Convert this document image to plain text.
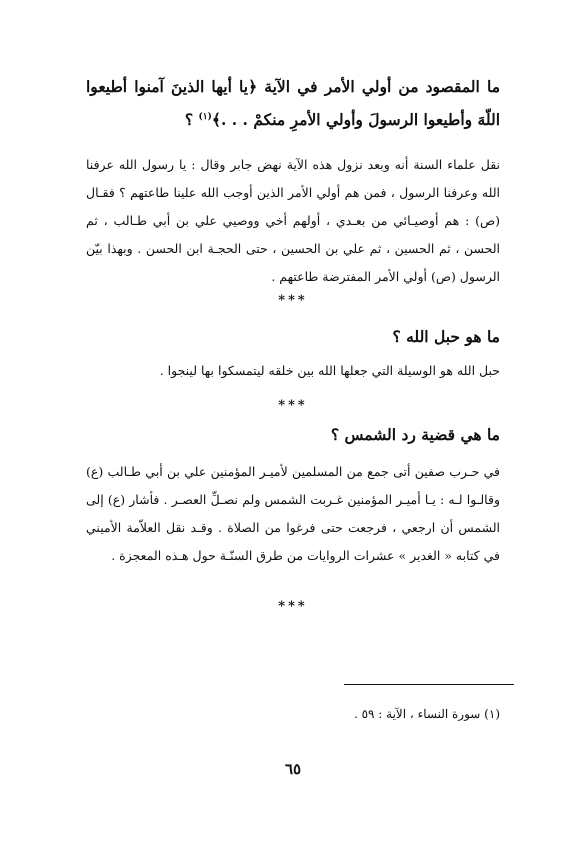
ما المقصود من أولي الأمر في الآية ﴿يا أيها الذينَ آمنوا أطيعوا اللّهَ وأطيعوا الرسولَ وأولي الأمرِ منكمْ . . .﴾$^{(١)}$ ؟
نقل علماء السنة أنه وبعد نزول هذه الآية نهض جابر وقال : يا رسول الله عرفنا الله وعرفنا الرسول ، فمن هم أولي الأمر الذين أوجب الله علينا طاعتهم ؟ فقـال (ص) : هم أوصيـائي من بعـدي ، أولهم أخي ووصيي علي بن أبي طـالب ، ثم الحسن ، ثم الحسين ، ثم علي بن الحسين ، حتى الحجـة ابن الحسن . وبهذا بيّن الرسول (ص) أولي الأمر المفترضة طاعتهم .
***
ما هو حبل الله ؟
حبل الله هو الوسيلة التي جعلها الله بين خلقه ليتمسكوا بها لينجوا .
***
ما هي قضية رد الشمس ؟
في حـرب صفين أتى جمع من المسلمين لأميـر المؤمنين علي بن أبي طـالب (ع) وقالـوا لـه : يـا أميـر المؤمنين غـربت الشمس ولم نصـلِّ العصـر . فأشار (ع) إلى الشمس أن ارجعي ، فرجعت حتى فرغوا من الصلاة . وقـد نقل العلاّمة الأميني في كتابه « الغدير » عشرات الروايات من طرق السنّـة حول هـذه المعجزة .
***
(١) سورة النساء ، الآية : ٥٩ .
٦٥
